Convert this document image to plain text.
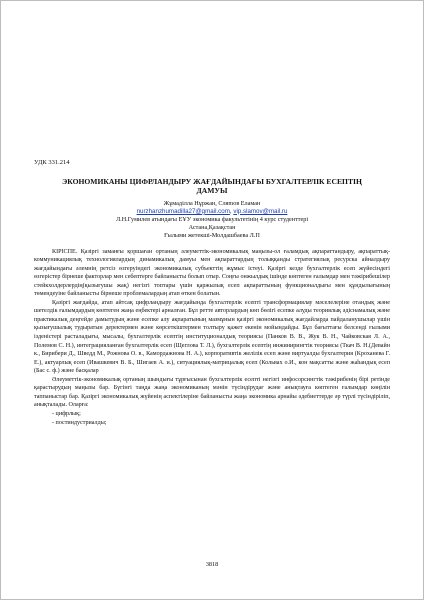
УДК 331.214
ЭКОНОМИКАНЫ ЦИФРЛАНДЫРУ ЖАҒДАЙЫНДАҒЫ БУХГАЛТЕРЛІК ЕСЕПТІҢ
ДАМУЫ
Жұмаділла Нұржан, Сляmов Еламан
nurzhanzhumadilla27@gmail.com, vip.slamov@mail.ru
Л.Н.Гумилев атындағы ЕҰУ экономика факультетінің 4 курс студенттері
Астана,Қазақстан
Ғылыми жетекші-Молдашбаева Л.П

КІРІСПЕ. Қазіргі заманғы қоршаған ортаның әлеуметтік-экономикалық маңызы-ол ғаламдық ақпараттандыру, ақпараттық-коммуникациялық технологиялардың динамикалық дамуы мен ақпараттардың толыққанды стратегиялық ресурска айналдыру жағдайындағы әлемнің ретсіз өзгеруіндегі экономикалық субъекттің жұмыс істеуі. Қазіргі кезде бухгалтерлік есеп жүйесіндегі өзгерістер бірнеше факторлар мен себептерге байланысты болып отыр. Соңғы онжылдық ішінде көптеген ғалымдар мен тәжірибешілер стейкхолдерлердің(қызығушы жақ) негізгі топтары үшін қаржылық есеп ақпараттының функционалдығы мен құндылығының төмендеуіне байланысты бірнеше проблемалардың атап өткен болатын.

Қазіргі жағдайда, атап айтсақ цифрландыру жағдайында бухгалтерлік есепті трансформациялау мәселелеріне отандық және шетелдік ғалымдардың көптеген жаңа еңбектері арналған. Бұл ретте авторлардың көп бөлігі есепке алуды теориялық әдіснамалық және практикалық деңгейде дамытудың және есепке алу ақпаратының мазмұнын қазіргі экономикалық жағдайларда пайдаланушылар үшін қызығушылық тудыратын деректермен және көрсеткіштермен толтыру қажет екенін мойындайды. Бұл бағыттағы белсенді ғылыми ізденістері расталадығы, мысалы, бухгалтерлік есептің институционалдық теориясы (Панков В. В., Жук В. Н., Чайковская Л. А., Полемов С. Н.), интеграцияланған бухгалтерлік есеп (Щеглова Т. Л.), бухгалтерлік есептің инжинирингтік теориясы (Ткач В. Н.(Девайн к., Бирибери Д., Шведд М., Рожнова О. в., Камордажнова Н. А.), корпоративтік желілік есеп және виртуалды бухгалтерия (Кроханева Г. Е.), актуарлық есеп (Ивашкевич В. Б., Шигаев А. и.), ситуациялық-матрицалық есеп (Кольвах о.И., кон мақсатты және жаһандық есеп (Бас с. ф.) және басқалар

Әлеуметтік-экономикалық ортаның шындығы тұрғысынан бухгалтерлік есепті негізгі инфосорсингтік тәжірибенің бірі ретінде қарастырудың маңызы бар. Бүгінгі таңда жаңа экономиканың мәнін түсіндірудағ және анықтауға көптеген ғалымдар көңілін таппаныстар бар. Қазіргі экономикалық жүйенің аспектілеріне байланысты жаңа экономика арнайы әдебиеттерде әр түрлі түсіндіріліп, анықталады. Оларға:

- цифрлық;
- постиндустриалды;
3818
